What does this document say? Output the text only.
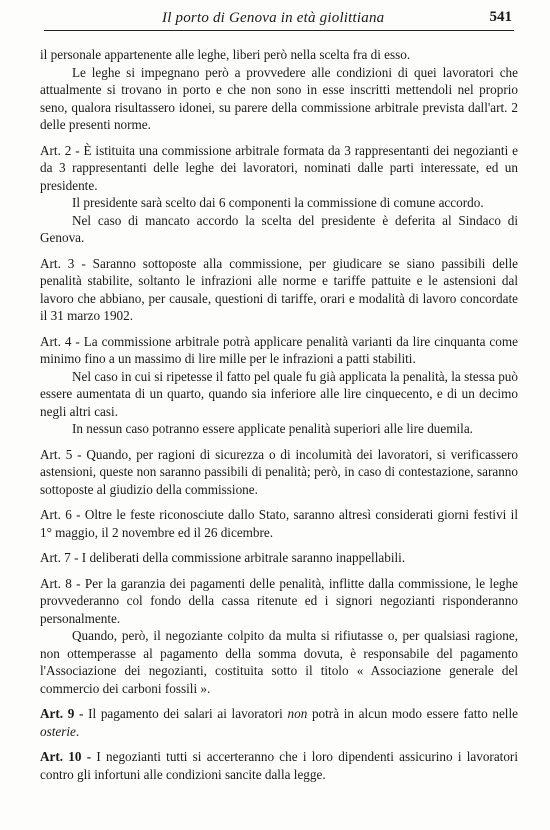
Il porto di Genova in età giolittiana	541

il personale appartenente alle leghe, liberi però nella scelta fra di esso.

Le leghe si impegnano però a provvedere alle condizioni di quei lavoratori che attualmente si trovano in porto e che non sono in esse inscritti mettendoli nel proprio seno, qualora risultassero idonei, su parere della commissione arbitrale prevista dall'art. 2 delle presenti norme.

Art. 2 - È istituita una commissione arbitrale formata da 3 rappresentanti dei negozianti e da 3 rappresentanti delle leghe dei lavoratori, nominati dalle parti interessate, ed un presidente.

Il presidente sarà scelto dai 6 componenti la commissione di comune accordo.

Nel caso di mancato accordo la scelta del presidente è deferita al Sindaco di Genova.

Art. 3 - Saranno sottoposte alla commissione, per giudicare se siano passibili delle penalità stabilite, soltanto le infrazioni alle norme e tariffe pattuite e le astensioni dal lavoro che abbiano, per causale, questioni di tariffe, orari e modalità di lavoro concordate il 31 marzo 1902.

Art. 4 - La commissione arbitrale potrà applicare penalità varianti da lire cinquanta come minimo fino a un massimo di lire mille per le infrazioni a patti stabiliti.

Nel caso in cui si ripetesse il fatto pel quale fu già applicata la penalità, la stessa può essere aumentata di un quarto, quando sia inferiore alle lire cinquecento, e di un decimo negli altri casi.

In nessun caso potranno essere applicate penalità superiori alle lire duemila.

Art. 5 - Quando, per ragioni di sicurezza o di incolumità dei lavoratori, si verificassero astensioni, queste non saranno passibili di penalità; però, in caso di contestazione, saranno sottoposte al giudizio della commissione.

Art. 6 - Oltre le feste riconosciute dallo Stato, saranno altresì considerati giorni festivi il 1° maggio, il 2 novembre ed il 26 dicembre.

Art. 7 - I deliberati della commissione arbitrale saranno inappellabili.

Art. 8 - Per la garanzia dei pagamenti delle penalità, inflitte dalla commissione, le leghe provvederanno col fondo della cassa ritenute ed i signori negozianti risponderanno personalmente.

Quando, però, il negoziante colpito da multa si rifiutasse o, per qualsiasi ragione, non ottemperasse al pagamento della somma dovuta, è responsabile del pagamento l'Associazione dei negozianti, costituita sotto il titolo « Associazione generale del commercio dei carboni fossili ».

Art. 9 - Il pagamento dei salari ai lavoratori non potrà in alcun modo essere fatto nelle osterie.

Art. 10 - I negozianti tutti si accerteranno che i loro dipendenti assicurino i lavoratori contro gli infortuni alle condizioni sancite dalla legge.
